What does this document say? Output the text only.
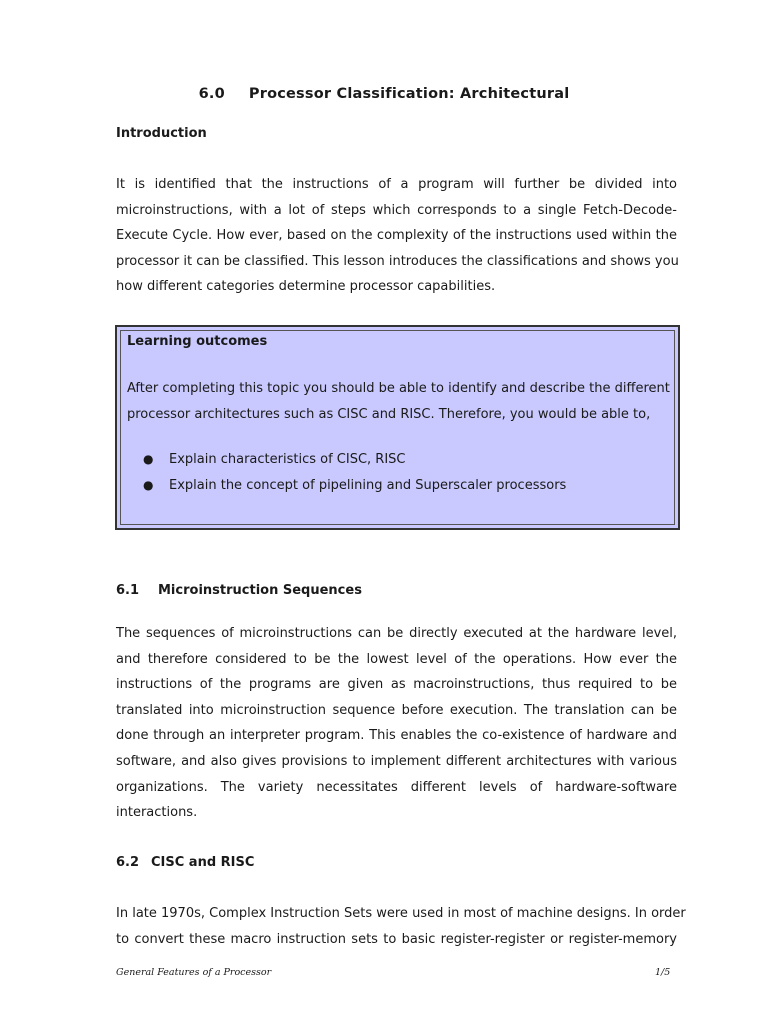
6.0 Processor Classification: Architectural
Introduction

It is identified that the instructions of a program will further be divided into
microinstructions, with a lot of steps which corresponds to a single Fetch-Decode-
Execute Cycle. How ever, based on the complexity of the instructions used within the
processor it can be classified. This lesson introduces the classifications and shows you
how different categories determine processor capabilities.

Learning outcomes
After completing this topic you should be able to identify and describe the different
processor architectures such as CISC and RISC. Therefore, you would be able to,
● Explain characteristics of CISC, RISC
● Explain the concept of pipelining and Superscaler processors
6.1 Microinstruction Sequences

The sequences of microinstructions can be directly executed at the hardware level,
and therefore considered to be the lowest level of the operations. How ever the
instructions of the programs are given as macroinstructions, thus required to be
translated into microinstruction sequence before execution. The translation can be
done through an interpreter program. This enables the co-existence of hardware and
software, and also gives provisions to implement different architectures with various
organizations. The variety necessitates different levels of hardware-software
interactions.

6.2 CISC and RISC

In late 1970s, Complex Instruction Sets were used in most of machine designs. In order
to convert these macro instruction sets to basic register-register or register-memory

General Features of a Processor	1/5
